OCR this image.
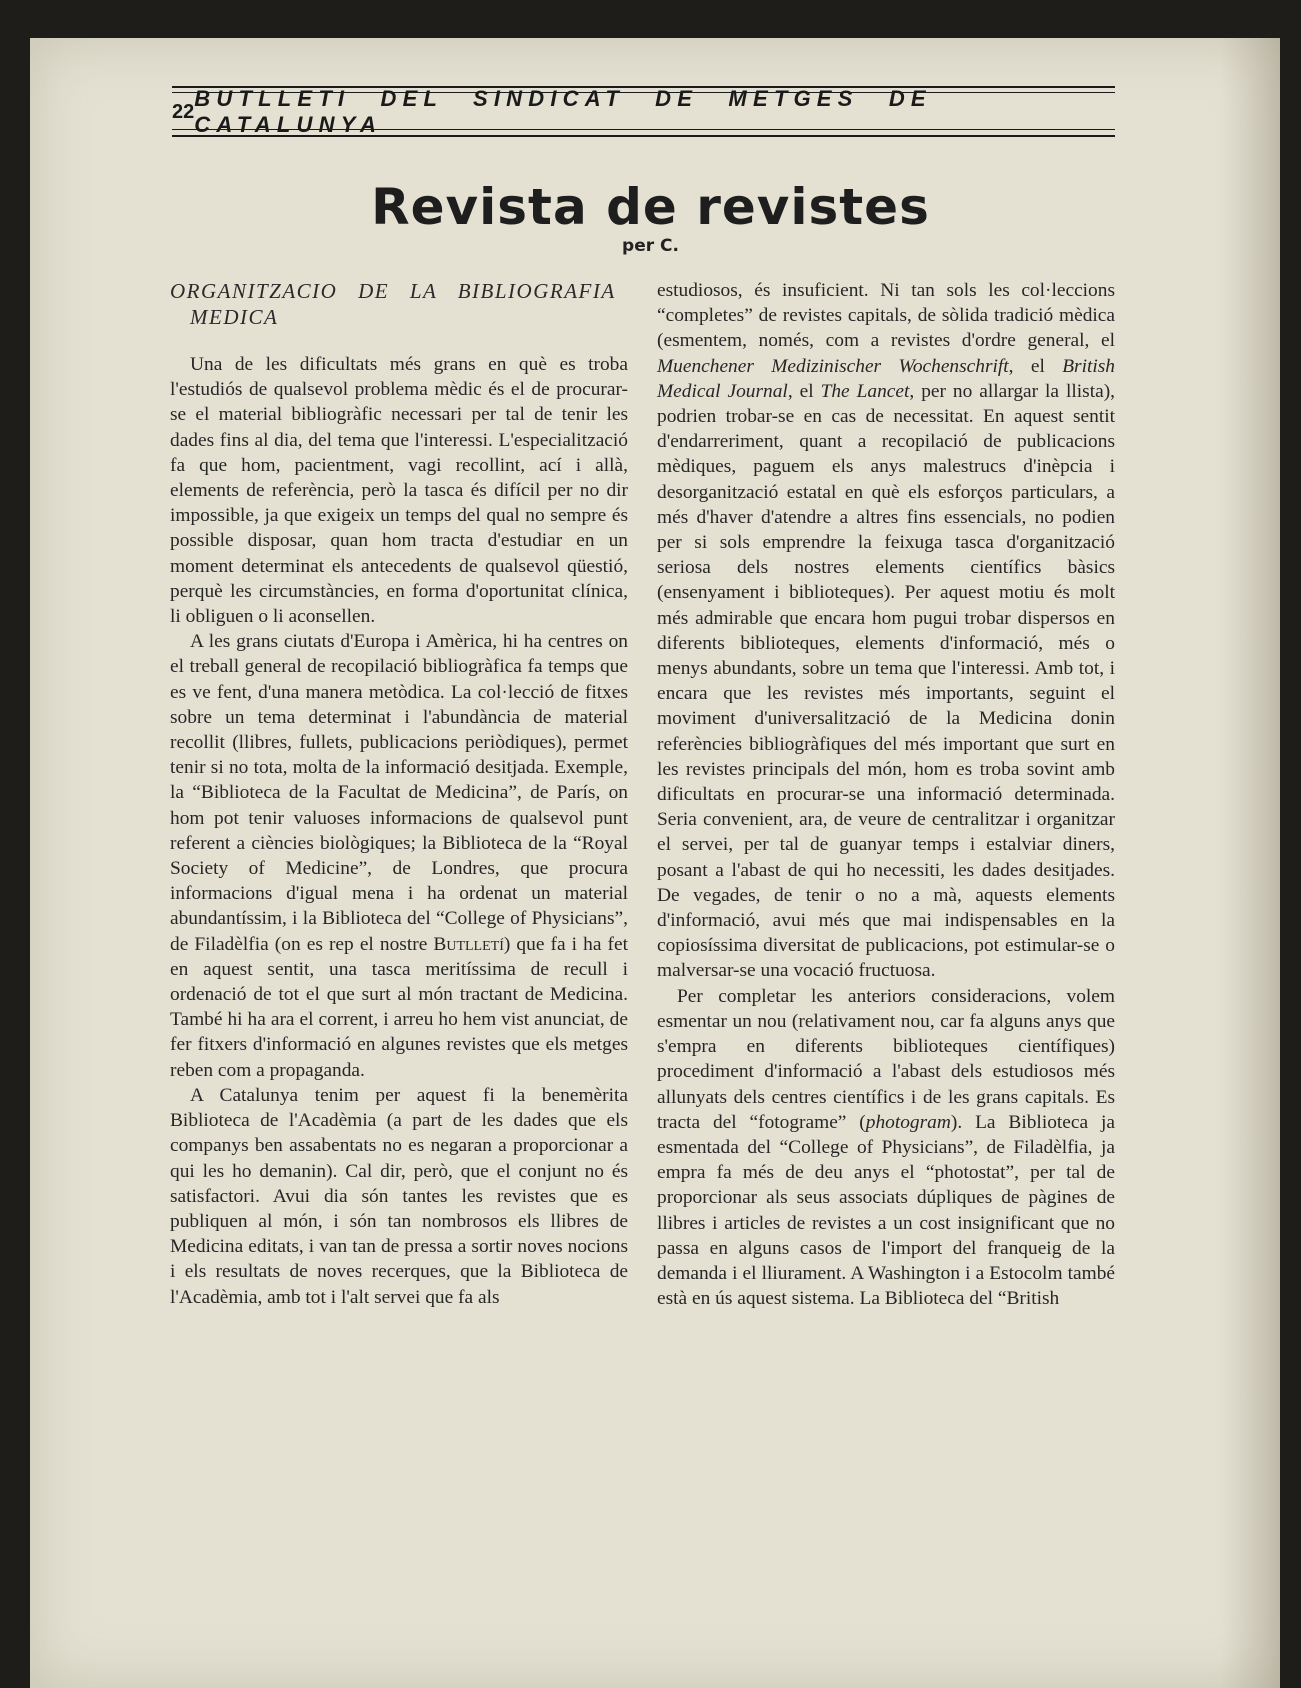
22
BUTLLETI DEL SINDICAT DE METGES DE CATALUNYA
Revista de revistes
per C.
ORGANITZACIO DE LA BIBLIOGRAFIA MEDICA

Una de les dificultats més grans en què es troba l'estudiós de qualsevol problema mèdic és el de procurar-se el material bibliogràfic necessari per tal de tenir les dades fins al dia, del tema que l'interessi. L'especialització fa que hom, pacientment, vagi recollint, ací i allà, elements de referència, però la tasca és difícil per no dir impossible, ja que exigeix un temps del qual no sempre és possible disposar, quan hom tracta d'estudiar en un moment determinat els antecedents de qualsevol qüestió, perquè les circumstàncies, en forma d'oportunitat clínica, li obliguen o li aconsellen.

A les grans ciutats d'Europa i Amèrica, hi ha centres on el treball general de recopilació bibliogràfica fa temps que es ve fent, d'una manera metòdica. La col·lecció de fitxes sobre un tema determinat i l'abundància de material recollit (llibres, fullets, publicacions periòdiques), permet tenir si no tota, molta de la informació desitjada. Exemple, la “Biblioteca de la Facultat de Medicina”, de París, on hom pot tenir valuoses informacions de qualsevol punt referent a ciències biològiques; la Biblioteca de la “Royal Society of Medicine”, de Londres, que procura informacions d'igual mena i ha ordenat un material abundantíssim, i la Biblioteca del “College of Physicians”, de Filadèlfia (on es rep el nostre Butlletí) que fa i ha fet en aquest sentit, una tasca meritíssima de recull i ordenació de tot el que surt al món tractant de Medicina. També hi ha ara el corrent, i arreu ho hem vist anunciat, de fer fitxers d'informació en algunes revistes que els metges reben com a propaganda.

A Catalunya tenim per aquest fi la benemèrita Biblioteca de l'Acadèmia (a part de les dades que els companys ben assabentats no es negaran a proporcionar a qui les ho demanin). Cal dir, però, que el conjunt no és satisfactori. Avui dia són tantes les revistes que es publiquen al món, i són tan nombrosos els llibres de Medicina editats, i van tan de pressa a sortir noves nocions i els resultats de noves recerques, que la Biblioteca de l'Acadèmia, amb tot i l'alt servei que fa als

estudiosos, és insuficient. Ni tan sols les col·leccions “completes” de revistes capitals, de sòlida tradició mèdica (esmentem, només, com a revistes d'ordre general, el Muenchener Medizinischer Wochenschrift, el British Medical Journal, el The Lancet, per no allargar la llista), podrien trobar-se en cas de necessitat. En aquest sentit d'endarreriment, quant a recopilació de publicacions mèdiques, paguem els anys malestrucs d'inèpcia i desorganització estatal en què els esforços particulars, a més d'haver d'atendre a altres fins essencials, no podien per si sols emprendre la feixuga tasca d'organització seriosa dels nostres elements científics bàsics (ensenyament i biblioteques). Per aquest motiu és molt més admirable que encara hom pugui trobar dispersos en diferents biblioteques, elements d'informació, més o menys abundants, sobre un tema que l'interessi. Amb tot, i encara que les revistes més importants, seguint el moviment d'universalització de la Medicina donin referències bibliogràfiques del més important que surt en les revistes principals del món, hom es troba sovint amb dificultats en procurar-se una informació determinada. Seria convenient, ara, de veure de centralitzar i organitzar el servei, per tal de guanyar temps i estalviar diners, posant a l'abast de qui ho necessiti, les dades desitjades. De vegades, de tenir o no a mà, aquests elements d'informació, avui més que mai indispensables en la copiosíssima diversitat de publicacions, pot estimular-se o malversar-se una vocació fructuosa.

Per completar les anteriors consideracions, volem esmentar un nou (relativament nou, car fa alguns anys que s'empra en diferents biblioteques científiques) procediment d'informació a l'abast dels estudiosos més allunyats dels centres científics i de les grans capitals. Es tracta del “fotograme” (photogram). La Biblioteca ja esmentada del “College of Physicians”, de Filadèlfia, ja empra fa més de deu anys el “photostat”, per tal de proporcionar als seus associats dúpliques de pàgines de llibres i articles de revistes a un cost insignificant que no passa en alguns casos de l'import del franqueig de la demanda i el lliurament. A Washington i a Estocolm també està en ús aquest sistema. La Biblioteca del “British
